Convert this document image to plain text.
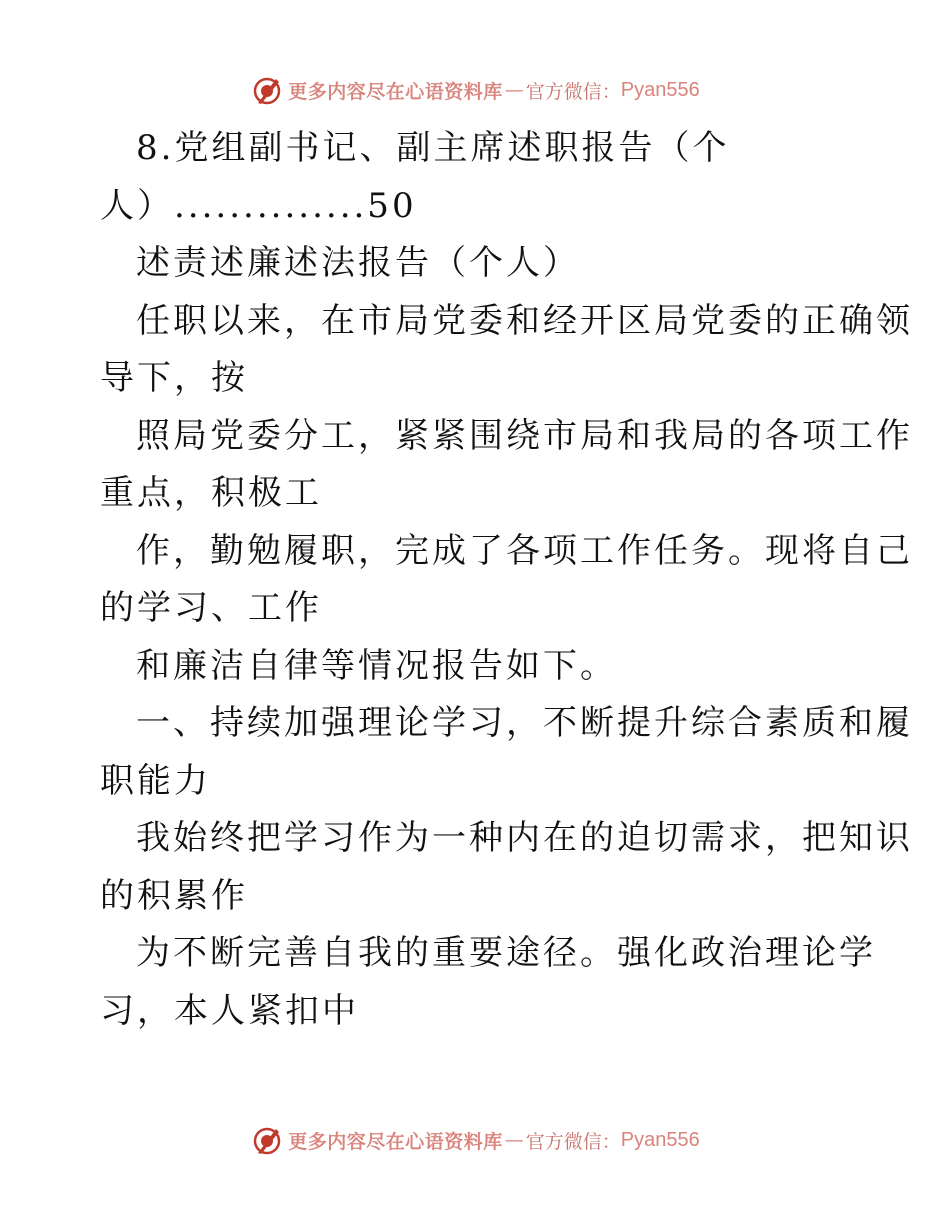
更多内容尽在心语资料库 — 官方微信： Pyan556
8.党组副书记、副主席述职报告（个
人）..............50
述责述廉述法报告（个人）
任职以来，在市局党委和经开区局党委的正确领
导下，按
照局党委分工，紧紧围绕市局和我局的各项工作
重点，积极工
作，勤勉履职，完成了各项工作任务。现将自己
的学习、工作
和廉洁自律等情况报告如下。
一、持续加强理论学习，不断提升综合素质和履
职能力
我始终把学习作为一种内在的迫切需求，把知识
的积累作
为不断完善自我的重要途径。强化政治理论学
习，本人紧扣中
更多内容尽在心语资料库 — 官方微信： Pyan556
